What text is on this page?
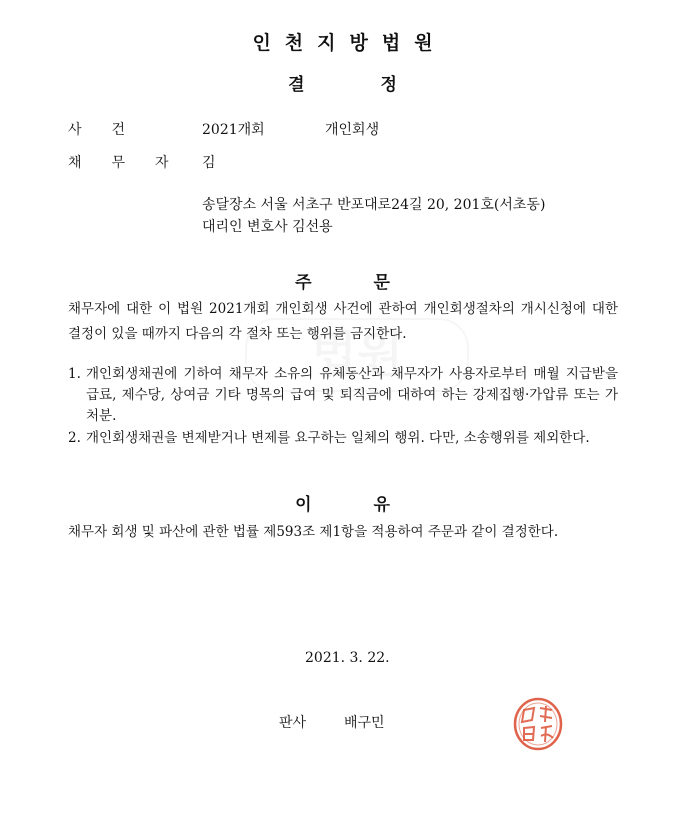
인천지방법원
결 정
사건	2021개회	개인회생
채무자 김
송달장소 서울 서초구 반포대로24길 20, 201호(서초동)
대리인 변호사 김선용
주 문
채무자에 대한 이 법원 2021개회 개인회생 사건에 관하여 개인회생절차의 개시신청에 대한 결정이 있을 때까지 다음의 각 절차 또는 행위를 금지한다.
1. 개인회생채권에 기하여 채무자 소유의 유체동산과 채무자가 사용자로부터 매월 지급받을 급료, 제수당, 상여금 기타 명목의 급여 및 퇴직금에 대하여 하는 강제집행·가압류 또는 가처분.
2. 개인회생채권을 변제받거나 변제를 요구하는 일체의 행위. 다만, 소송행위를 제외한다.
이 유
채무자 회생 및 파산에 관한 법률 제593조 제1항을 적용하여 주문과 같이 결정한다.
2021. 3. 22.
판사	배구민
